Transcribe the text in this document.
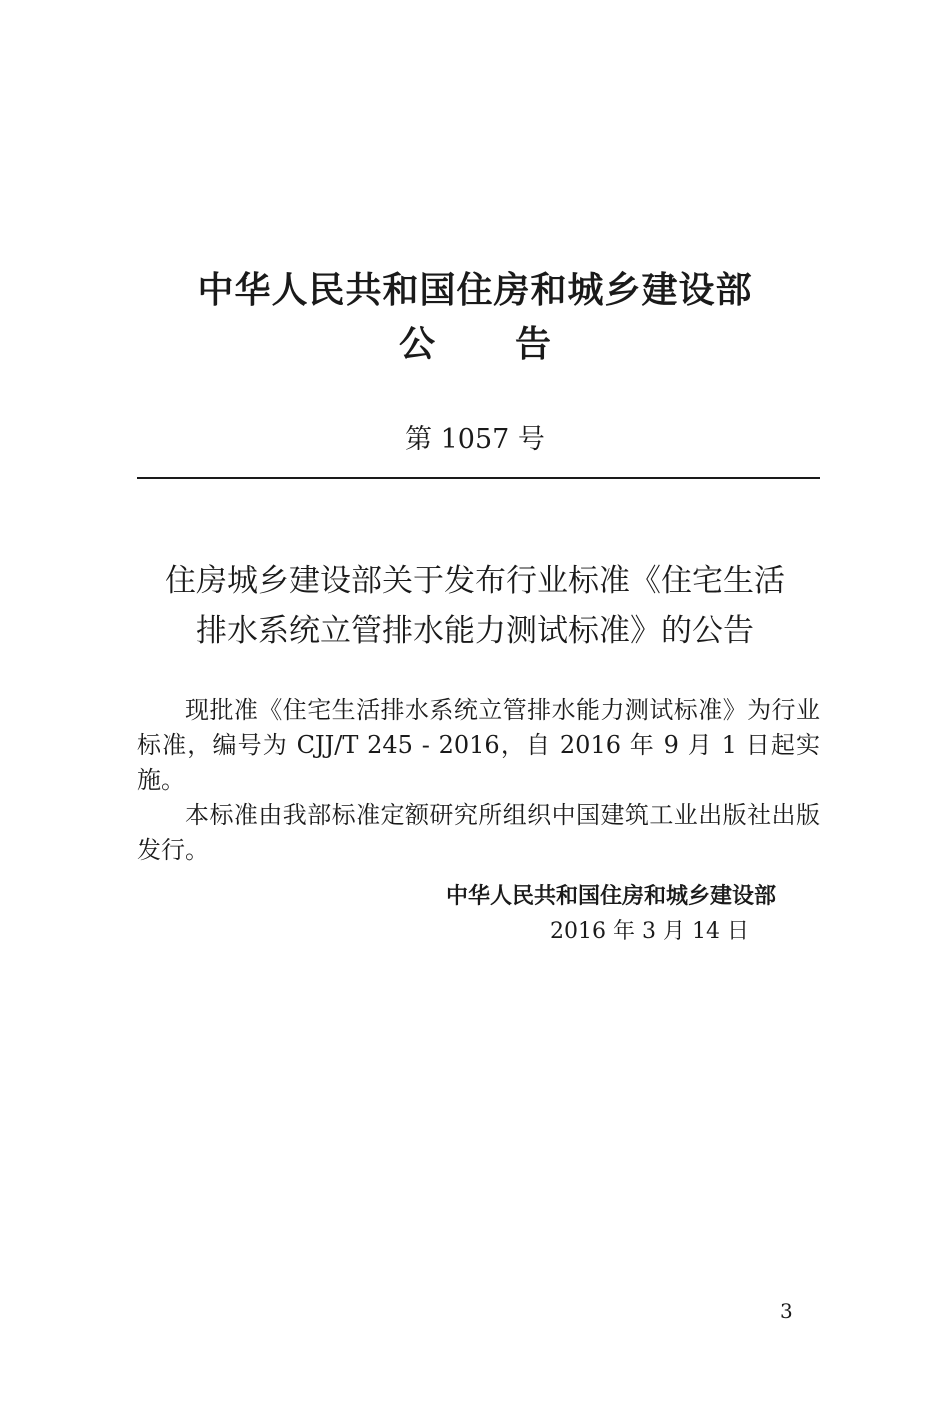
中华人民共和国住房和城乡建设部
公告
第 1057 号
住房城乡建设部关于发布行业标准《住宅生活
排水系统立管排水能力测试标准》的公告

现批准《住宅生活排水系统立管排水能力测试标准》为行业标准，编号为 CJJ/T 245 - 2016，自 2016 年 9 月 1 日起实施。

本标准由我部标准定额研究所组织中国建筑工业出版社出版发行。

中华人民共和国住房和城乡建设部
2016 年 3 月 14 日
3
